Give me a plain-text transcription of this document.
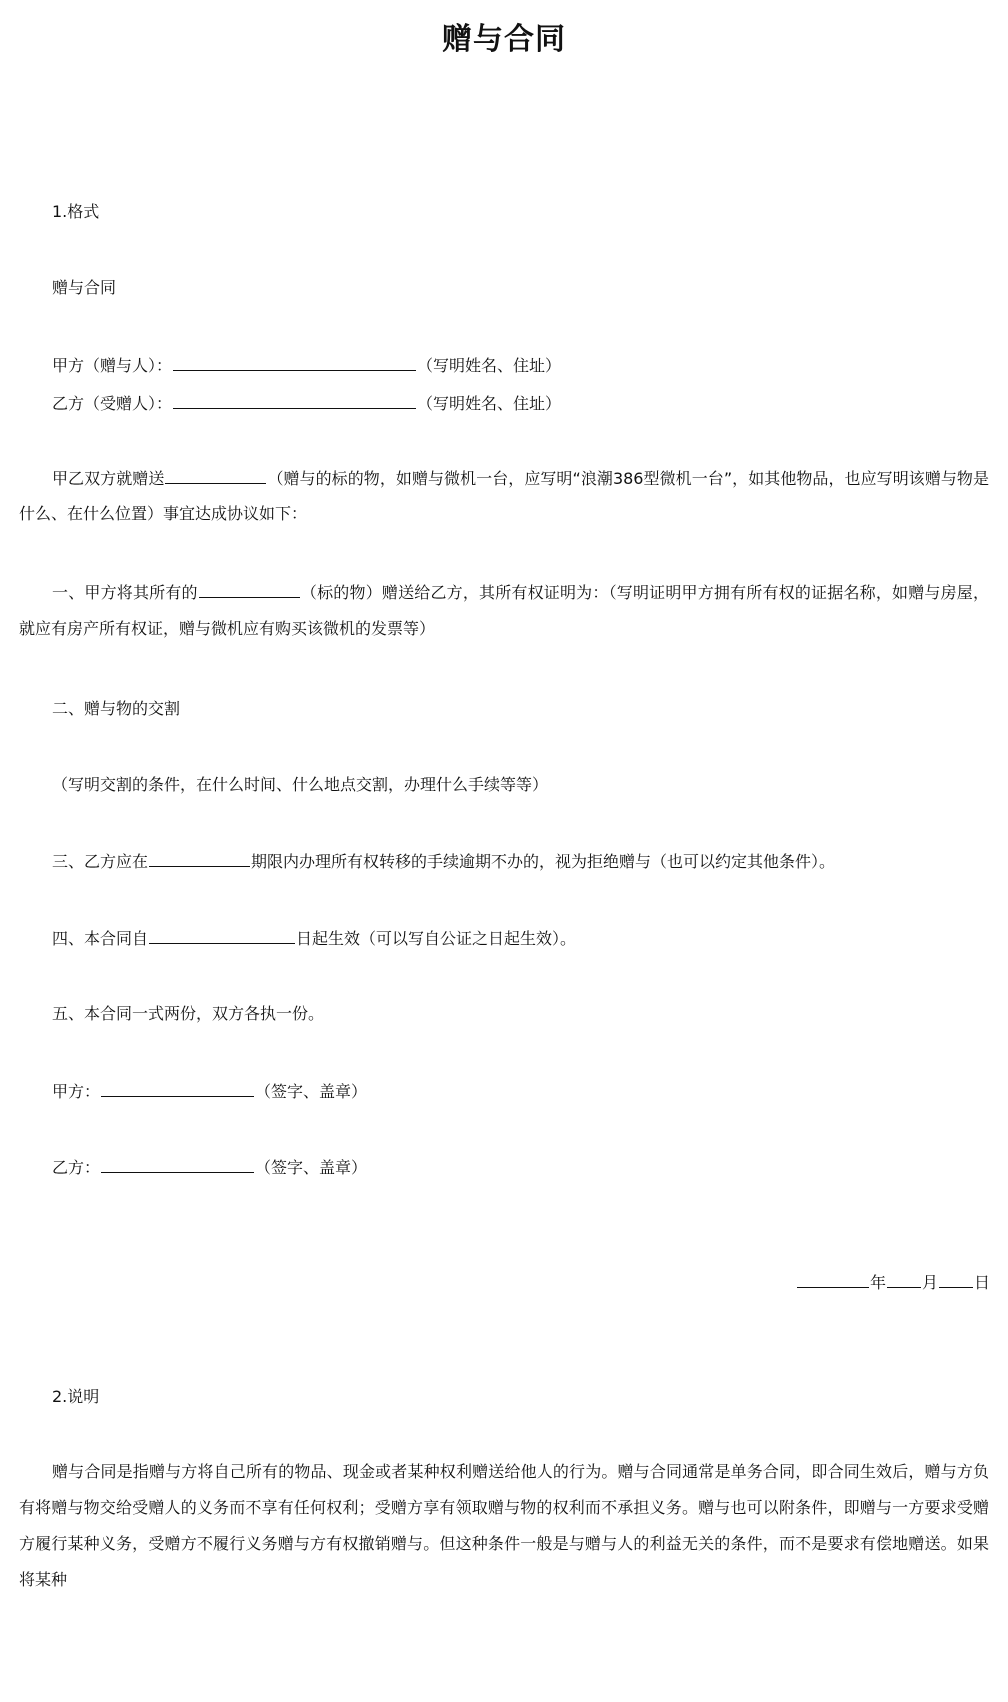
赠与合同
1.格式
赠与合同
甲方（赠与人）：	（写明姓名、住址）
乙方（受赠人）：	（写明姓名、住址）
甲乙双方就赠送	（赠与的标的物，如赠与微机一台，应写明“浪潮386型微机一台”，如其他物品，也应写明该赠与物是什么、在什么位置）事宜达成协议如下：
一、甲方将其所有的	（标的物）赠送给乙方，其所有权证明为：（写明证明甲方拥有所有权的证据名称，如赠与房屋，就应有房产所有权证，赠与微机应有购买该微机的发票等）
二、赠与物的交割
（写明交割的条件，在什么时间、什么地点交割，办理什么手续等等）
三、乙方应在	期限内办理所有权转移的手续逾期不办的，视为拒绝赠与（也可以约定其他条件）。
四、本合同自	日起生效（可以写自公证之日起生效）。
五、本合同一式两份，双方各执一份。
甲方：	（签字、盖章）
乙方：	（签字、盖章）
年 月 日
2.说明
赠与合同是指赠与方将自己所有的物品、现金或者某种权利赠送给他人的行为。赠与合同通常是单务合同，即合同生效后，赠与方负有将赠与物交给受赠人的义务而不享有任何权利；受赠方享有领取赠与物的权利而不承担义务。赠与也可以附条件，即赠与一方要求受赠方履行某种义务，受赠方不履行义务赠与方有权撤销赠与。但这种条件一般是与赠与人的利益无关的条件，而不是要求有偿地赠送。如果将某种
